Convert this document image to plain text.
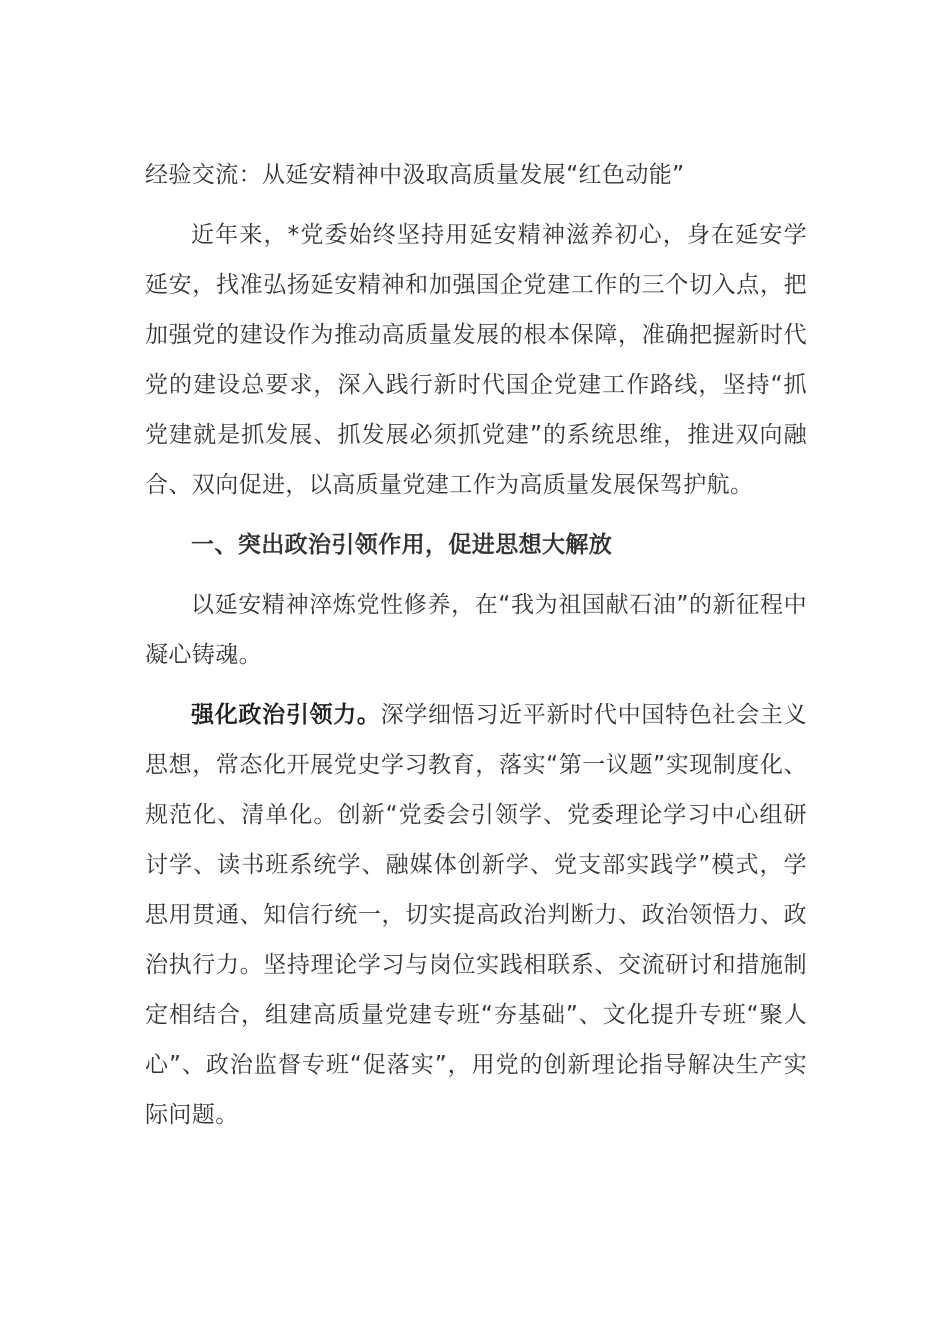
经验交流：从延安精神中汲取高质量发展“红色动能”

近年来，*党委始终坚持用延安精神滋养初心，身在延安学延安，找准弘扬延安精神和加强国企党建工作的三个切入点，把加强党的建设作为推动高质量发展的根本保障，准确把握新时代党的建设总要求，深入践行新时代国企党建工作路线，坚持“抓党建就是抓发展、抓发展必须抓党建”的系统思维，推进双向融合、双向促进，以高质量党建工作为高质量发展保驾护航。

一、突出政治引领作用，促进思想大解放

以延安精神淬炼党性修养，在“我为祖国献石油”的新征程中凝心铸魂。

强化政治引领力。深学细悟习近平新时代中国特色社会主义思想，常态化开展党史学习教育，落实“第一议题”实现制度化、规范化、清单化。创新“党委会引领学、党委理论学习中心组研讨学、读书班系统学、融媒体创新学、党支部实践学”模式，学思用贯通、知信行统一，切实提高政治判断力、政治领悟力、政治执行力。坚持理论学习与岗位实践相联系、交流研讨和措施制定相结合，组建高质量党建专班“夯基础”、文化提升专班“聚人心”、政治监督专班“促落实”，用党的创新理论指导解决生产实际问题。
